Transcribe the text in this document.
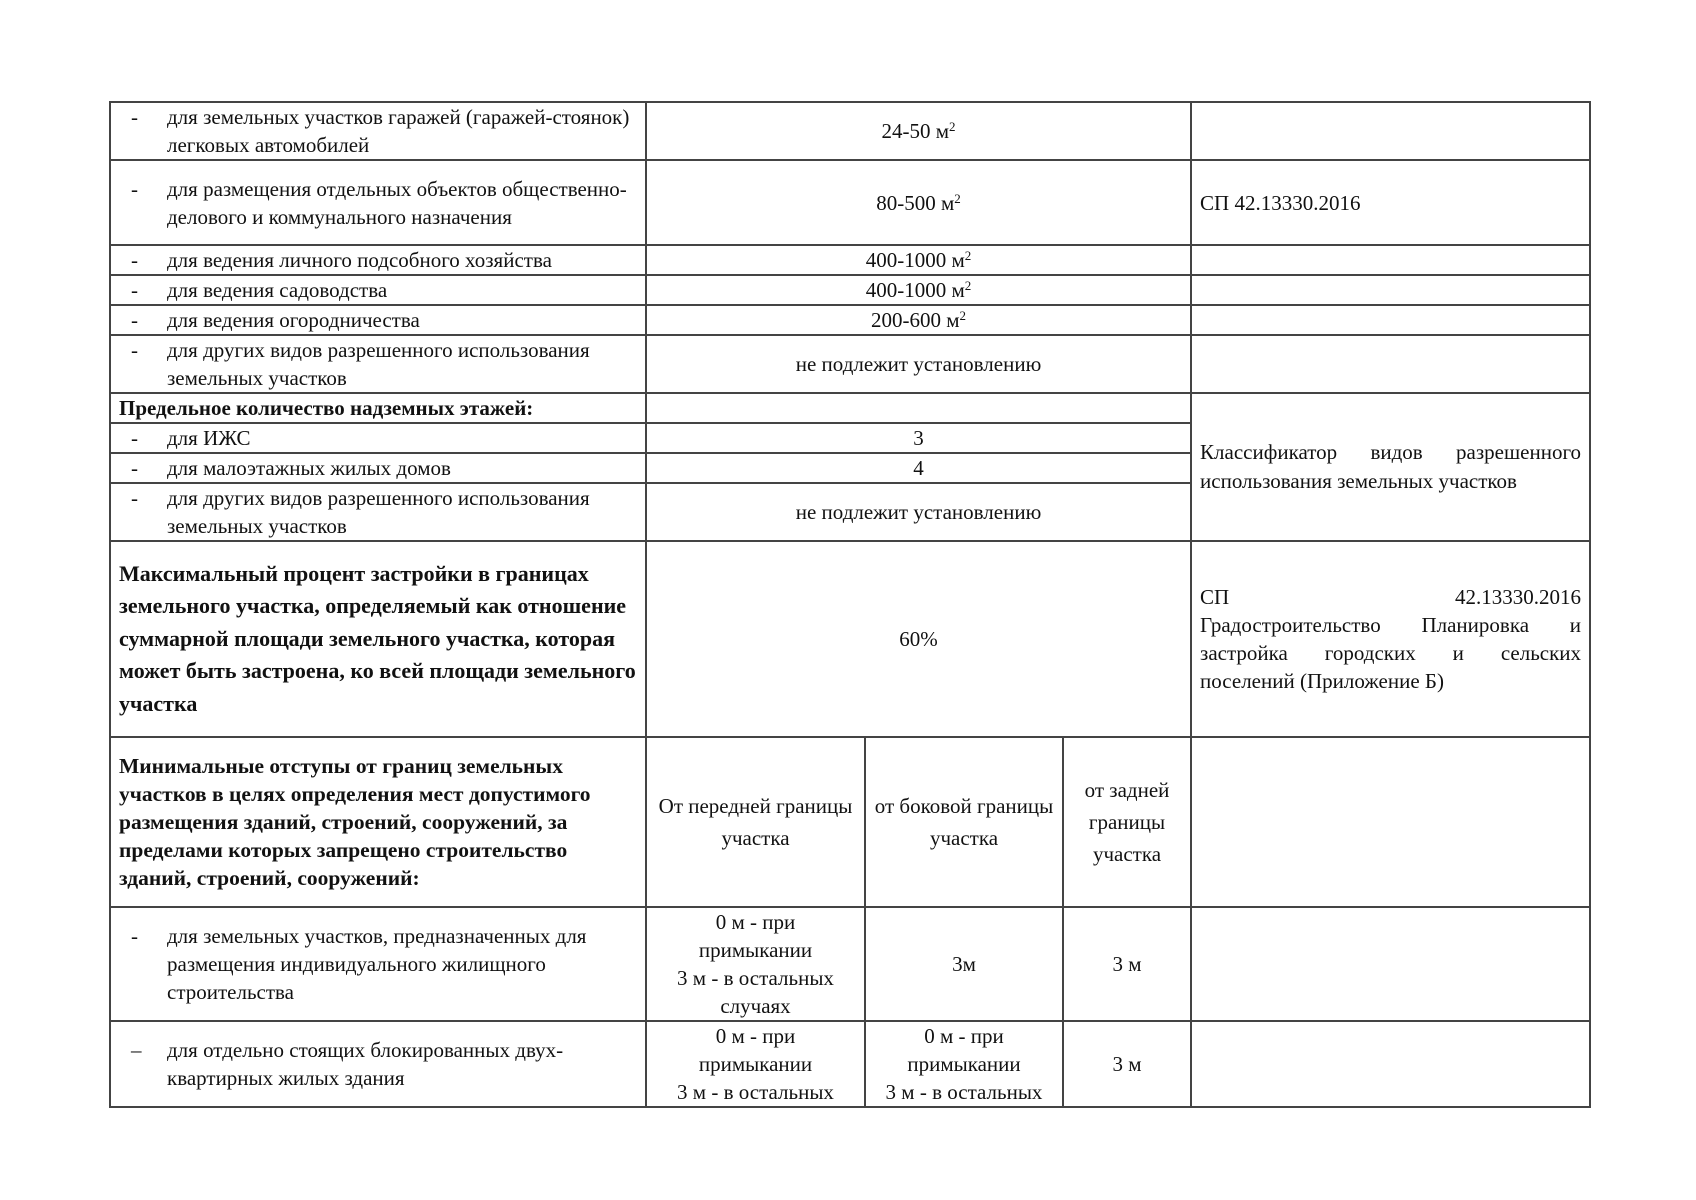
- для земельных участков гаражей (гаражей-стоянок) легковых автомобилей	24-50 $м^2$	

- для размещения отдельных объектов общественно-делового и коммунального назначения	80-500 $м^2$			СП 42.13330.2016

- для ведения личного подсобного хозяйства	400-1000 $м^2$	

- для ведения садоводства	400-1000 $м^2$	

- для ведения огородничества	200-600 $м^2$	

- для других видов разрешенного использования земельных участков	не подлежит установлению			
Предельное количество надземных этажей:				Классификатор видов разрешенного использования земельных участков

- для ИЖС	3			

- для малоэтажных жилых домов	4			

- для других видов разрешенного использования земельных участков	не подлежит установлению			
Максимальный процент застройки в границах земельного участка, определяемый как отношение суммарной площади земельного участка, которая может быть застроена, ко всей площади земельного участка	60%			СП 42.13330.2016
Градостроительство Планировка и застройка городских и сельских поселений (Приложение Б)

Минимальные отступы от границ земельных участков в целях определения мест допустимого размещения зданий, строений, сооружений, за пределами которых запрещено строительство зданий, строений, сооружений:	От передней границы участка	от боковой границы участка	от задней границы участка	

- для земельных участков, предназначенных для размещения индивидуального жилищного строительства	0 м - при
примыкании
3 м - в остальных
случаях	3м	3 м	

– для отдельно стоящих блокированных двух- квартирных жилых здания	0 м - при
примыкании
3 м - в остальных	0 м - при
примыкании
3 м - в остальных	3 м	
